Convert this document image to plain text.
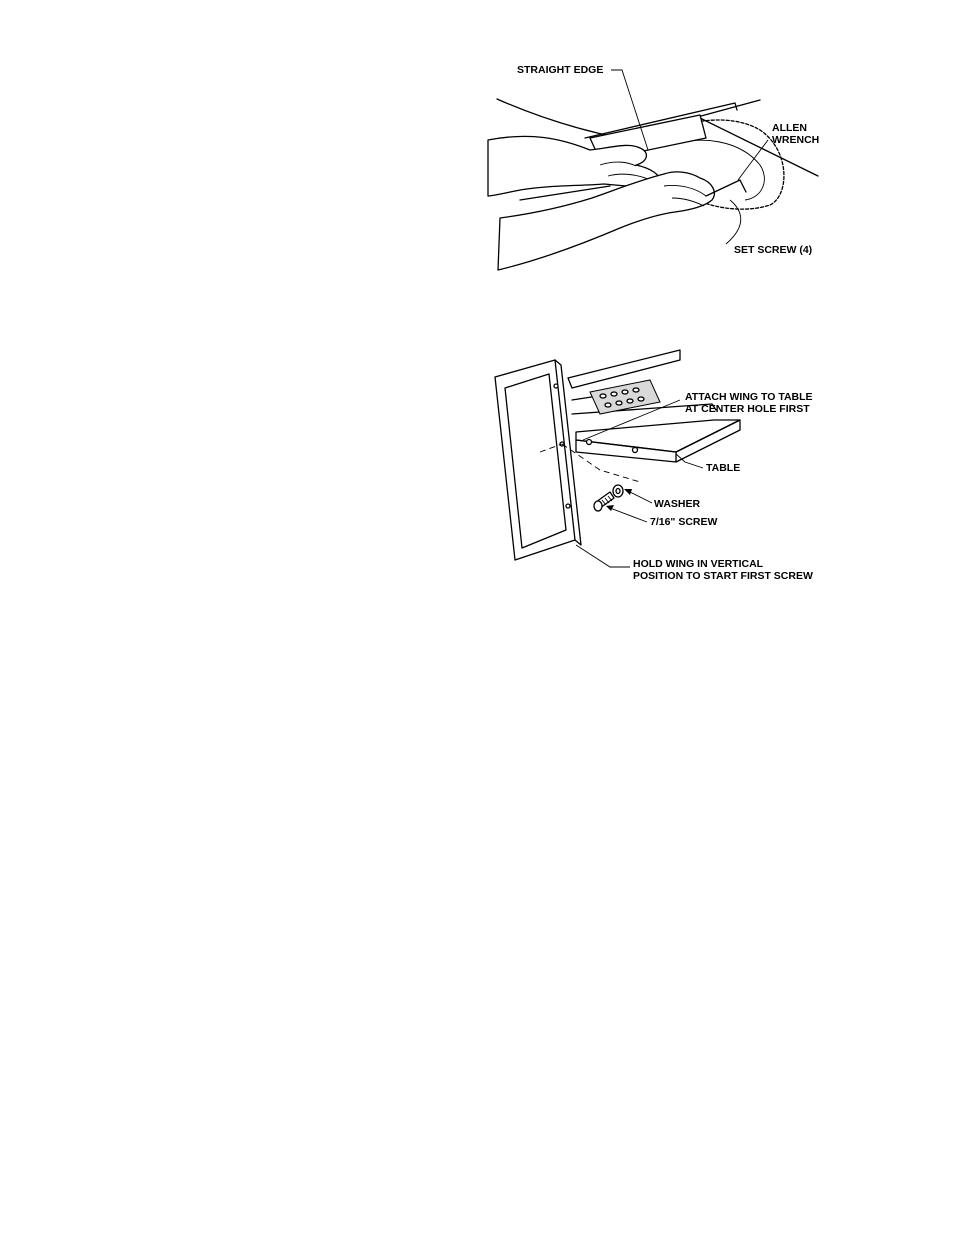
STRAIGHT EDGE
ALLEN
WRENCH
SET SCREW (4)
ATTACH WING TO TABLE
AT CENTER HOLE FIRST
TABLE
WASHER
7/16" SCREW
HOLD WING IN VERTICAL
POSITION TO START FIRST SCREW
